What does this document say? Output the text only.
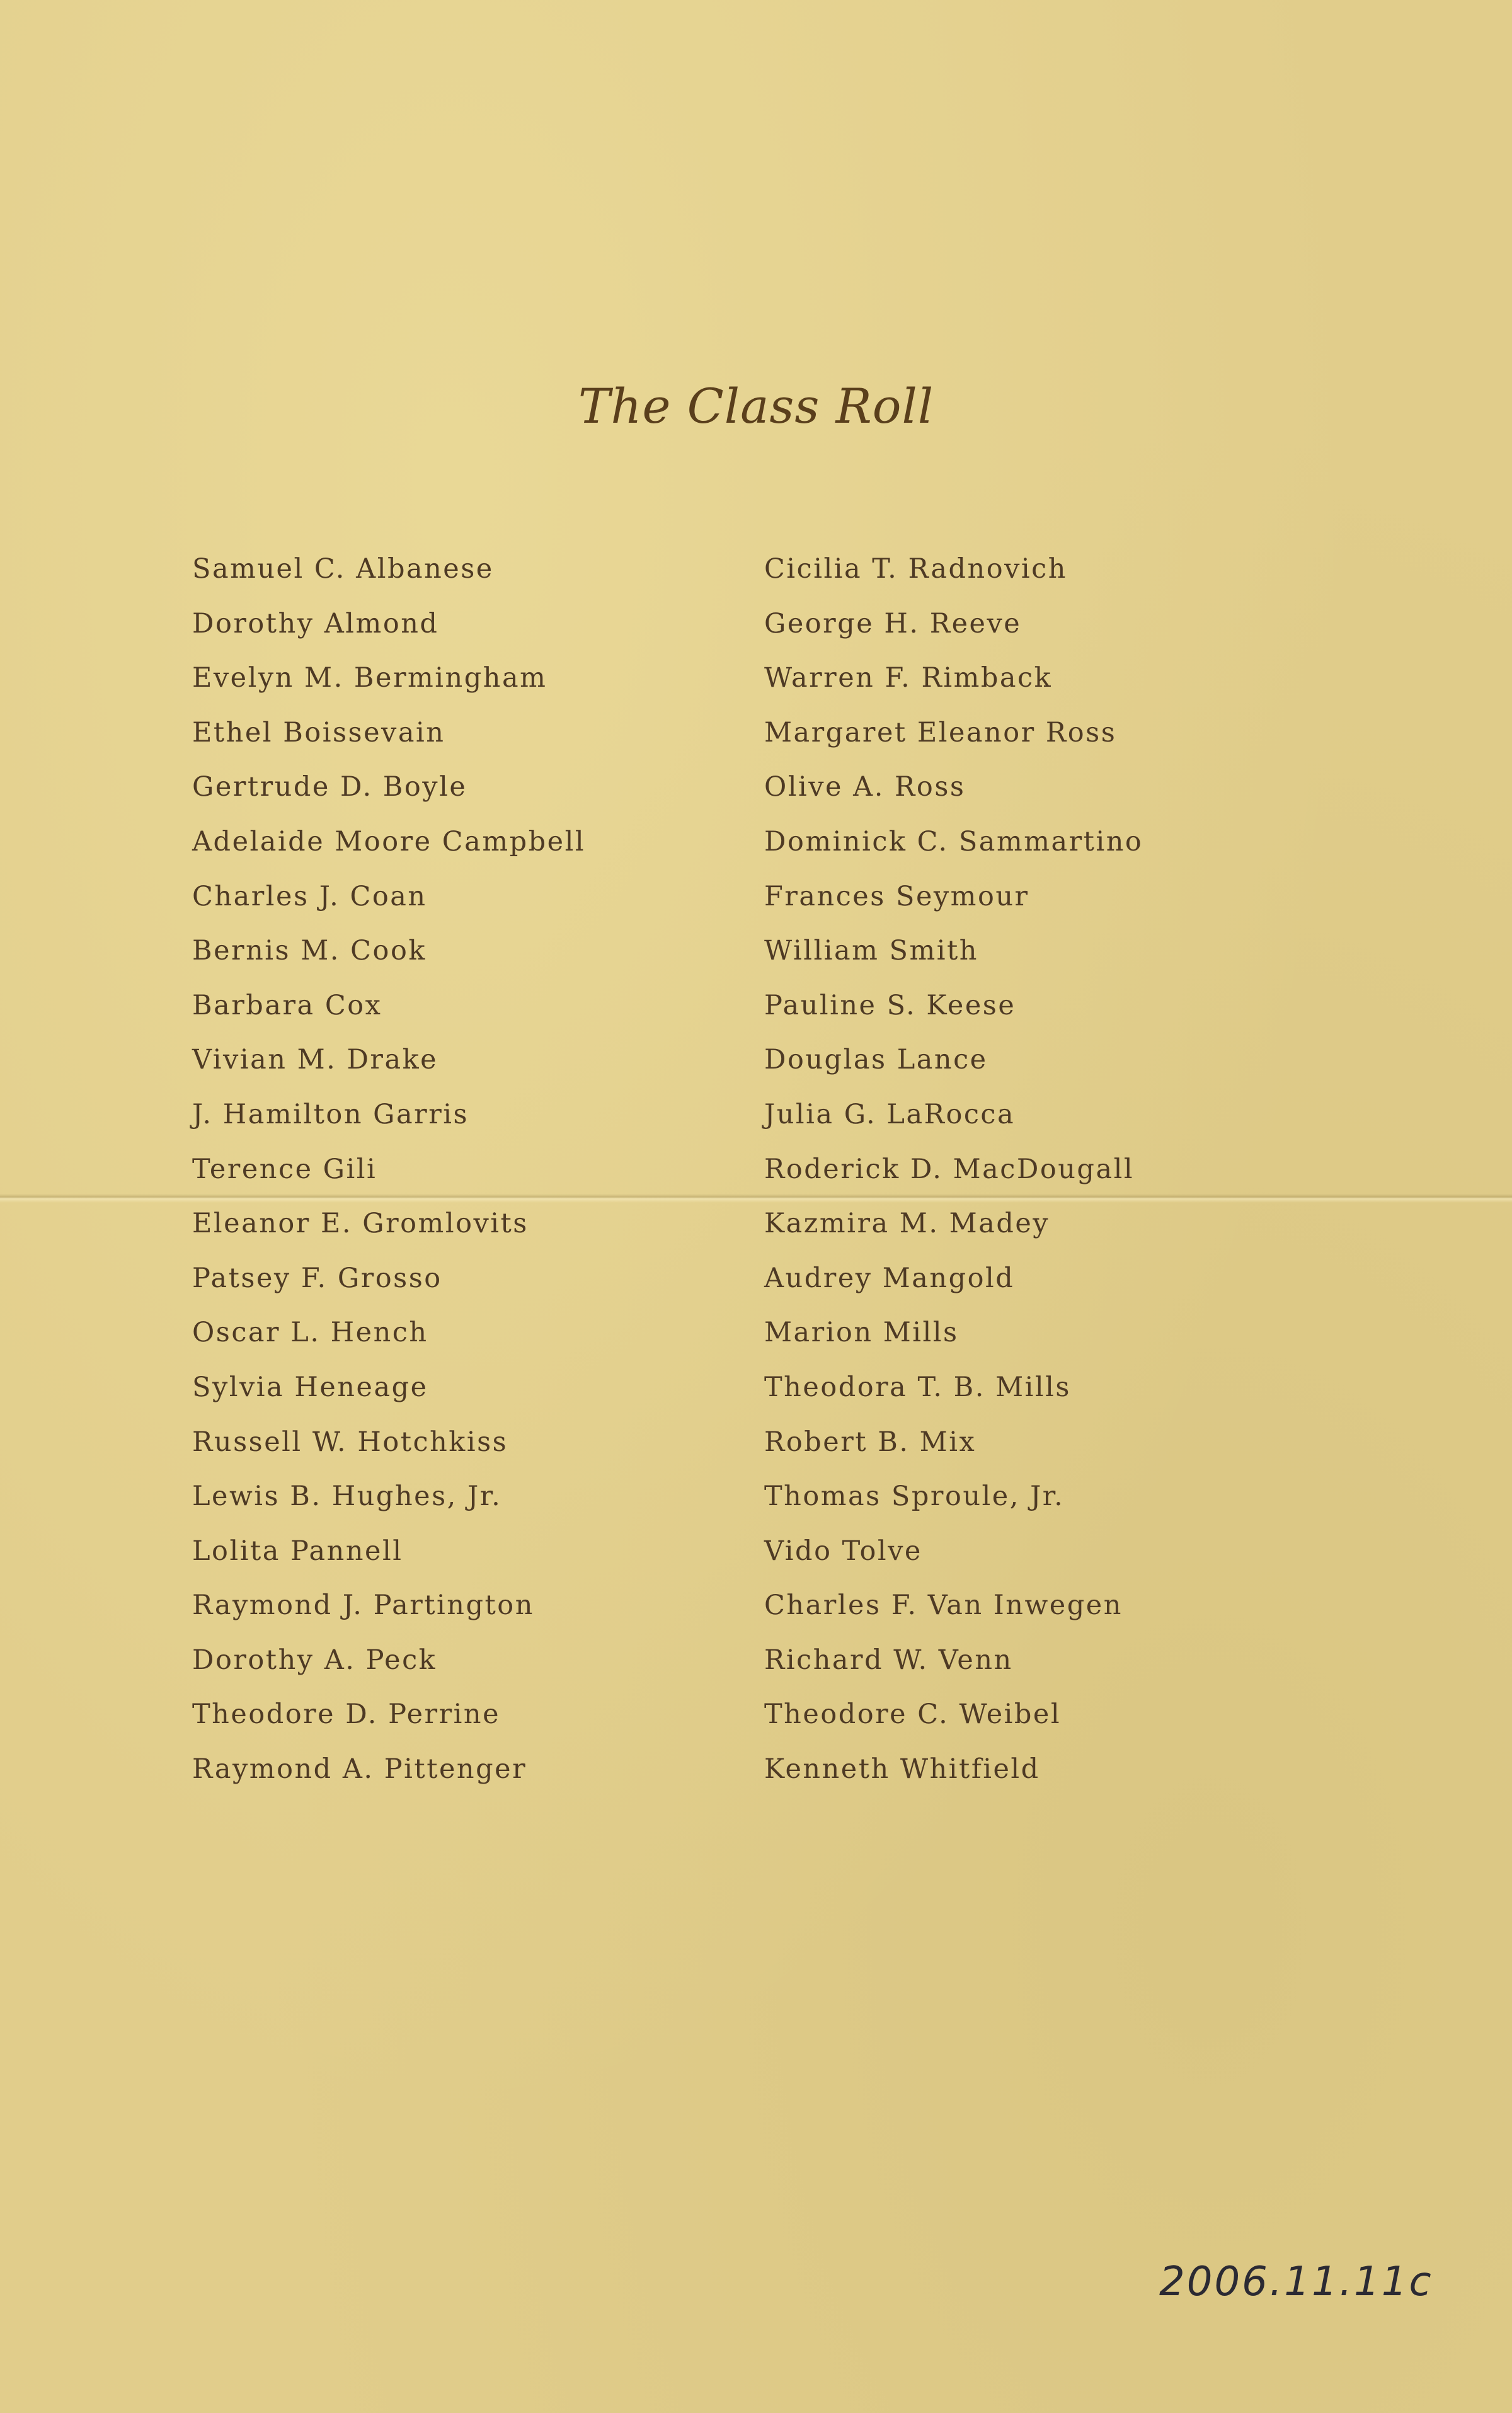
The Class Roll
Samuel C. Albanese
Dorothy Almond
Evelyn M. Bermingham
Ethel Boissevain
Gertrude D. Boyle
Adelaide Moore Campbell
Charles J. Coan
Bernis M. Cook
Barbara Cox
Vivian M. Drake
J. Hamilton Garris
Terence Gili
Eleanor E. Gromlovits
Patsey F. Grosso
Oscar L. Hench
Sylvia Heneage
Russell W. Hotchkiss
Lewis B. Hughes, Jr.
Lolita Pannell
Raymond J. Partington
Dorothy A. Peck
Theodore D. Perrine
Raymond A. Pittenger
Cicilia T. Radnovich
George H. Reeve
Warren F. Rimback
Margaret Eleanor Ross
Olive A. Ross
Dominick C. Sammartino
Frances Seymour
William Smith
Pauline S. Keese
Douglas Lance
Julia G. LaRocca
Roderick D. MacDougall
Kazmira M. Madey
Audrey Mangold
Marion Mills
Theodora T. B. Mills
Robert B. Mix
Thomas Sproule, Jr.
Vido Tolve
Charles F. Van Inwegen
Richard W. Venn
Theodore C. Weibel
Kenneth Whitfield
2006.11.11c
